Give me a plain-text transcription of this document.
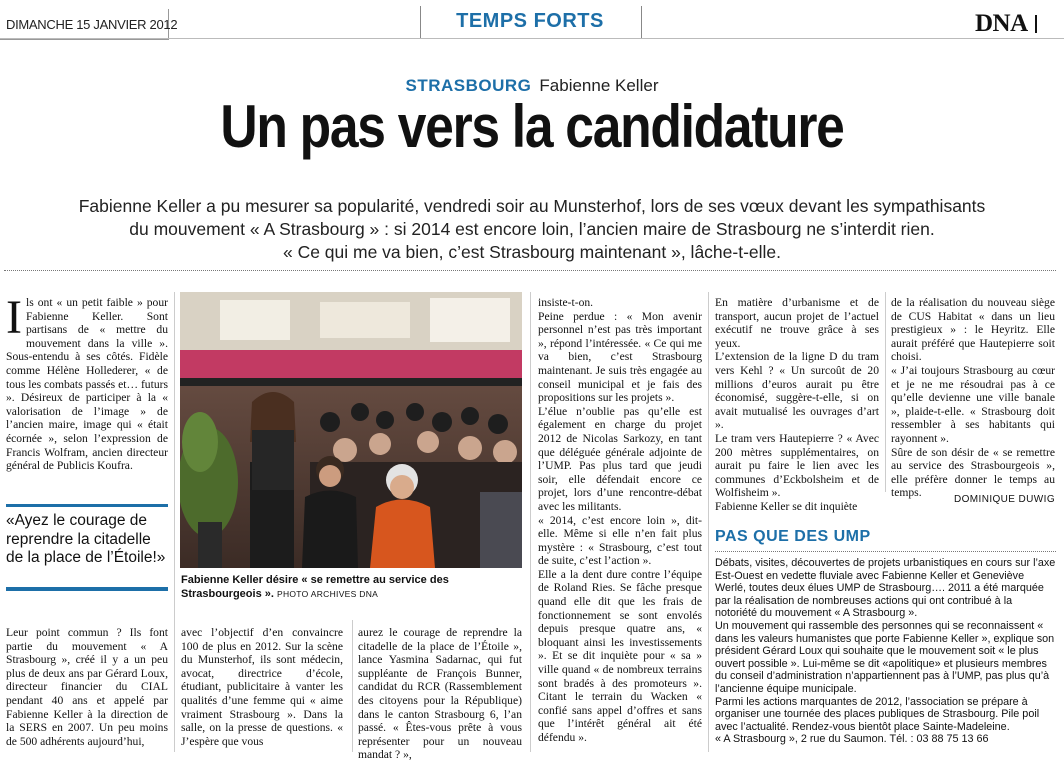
DIMANCHE 15 JANVIER 2012	TEMPS FORTS	DNA
STRASBOURG Fabienne Keller
Un pas vers la candidature
Fabienne Keller a pu mesurer sa popularité, vendredi soir au Munsterhof, lors de ses vœux devant les sympathisants
du mouvement « A Strasbourg » : si 2014 est encore loin, l’ancien maire de Strasbourg ne s’interdit rien.
« Ce qui me va bien, c’est Strasbourg maintenant », lâche-t-elle.
Ils ont « un petit faible » pour Fabienne Keller. Sont partisans de « mettre du mouvement dans la ville ». Sous-entendu à ses côtés. Fidèle comme Hélène Hollederer, « de tous les combats passés et… futurs ». Désireux de participer à la « valorisation de l’image » de l’ancien maire, image qui « était écornée », selon l’expression de Francis Wolfram, ancien directeur général de Publicis Koufra.
«Ayez le courage de reprendre la citadelle de la place de l’Étoile!»
Leur point commun ? Ils font partie du mouvement « A Strasbourg », créé il y a un peu plus de deux ans par Gérard Loux, directeur financier du CIAL pendant 40 ans et appelé par Fabienne Keller à la direction de la SERS en 2007. Un peu moins de 500 adhérents aujourd’hui,
Fabienne Keller désire « se remettre au service des Strasbourgeois ». PHOTO ARCHIVES DNA
avec l’objectif d’en convaincre 100 de plus en 2012. Sur la scène du Munsterhof, ils sont médecin, avocat, directrice d’école, étudiant, publicitaire à vanter les qualités d’une femme qui « aime vraiment Strasbourg ». Dans la salle, on la presse de questions. « J’espère que vous
aurez le courage de reprendre la citadelle de la place de l’Étoile », lance Yasmina Sadarnac, qui fut suppléante de François Bunner, candidat du RCR (Rassemblement des citoyens pour la République) dans le canton Strasbourg 6, l’an passé. « Êtes-vous prête à vous représenter pour un nouveau mandat ? »,

insiste-t-on.

Peine perdue : « Mon avenir personnel n’est pas très important », répond l’intéressée. « Ce qui me va bien, c’est Strasbourg maintenant. Je suis très engagée au conseil municipal et je fais des propositions sur les projets ».

L’élue n’oublie pas qu’elle est également en charge du projet 2012 de Nicolas Sarkozy, en tant que déléguée générale adjointe de l’UMP. Pas plus tard que jeudi soir, elle défendait encore ce projet, lors d’une rencontre-débat avec les militants.

« 2014, c’est encore loin », dit-elle. Même si elle n’en fait plus mystère : « Strasbourg, c’est tout de suite, c’est l’action ».

Elle a la dent dure contre l’équipe de Roland Ries. Se fâche presque quand elle dit que les frais de fonctionnement se sont envolés depuis presque quatre ans, « bloquant ainsi les investissements ». Et se dit inquiète pour « sa » ville quand « de nombreux terrains sont bradés à des promoteurs ». Citant le terrain du Wacken « confié sans appel d’offres et sans que l’intérêt général ait été défendu ».

En matière d’urbanisme et de transport, aucun projet de l’actuel exécutif ne trouve grâce à ses yeux.

L’extension de la ligne D du tram vers Kehl ? « Un surcoût de 20 millions d’euros aurait pu être économisé, suggère-t-elle, si on avait mutualisé les ouvrages d’art ».

Le tram vers Hautepierre ? « Avec 200 mètres supplémentaires, on aurait pu faire le lien avec les communes d’Eckbolsheim et de Wolfisheim ».

Fabienne Keller se dit inquiète

de la réalisation du nouveau siège de CUS Habitat « dans un lieu prestigieux » : le Heyritz. Elle aurait préféré que Hautepierre soit choisi.

« J’ai toujours Strasbourg au cœur et je ne me résoudrai pas à ce qu’elle devienne une ville banale », plaide-t-elle. « Strasbourg doit ressembler à ses habitants qui rayonnent ».

Sûre de son désir de « se remettre au service des Strasbourgeois », elle préfère donner le temps au temps.

DOMINIQUE DUWIG
PAS QUE DES UMP

Débats, visites, découvertes de projets urbanistiques en cours sur l’axe Est-Ouest en vedette fluviale avec Fabienne Keller et Geneviève Werlé, toutes deux élues UMP de Strasbourg…. 2011 a été marquée par la réalisation de nombreuses actions qui ont contribué à la notoriété du mouvement « A Strasbourg ».

Un mouvement qui rassemble des personnes qui se reconnaissent « dans les valeurs humanistes que porte Fabienne Keller », explique son président Gérard Loux qui souhaite que le mouvement soit « le plus ouvert possible ». Lui-même se dit «apolitique» et plusieurs membres du conseil d’administration n’appartiennent pas à l’UMP, pas plus qu’à l’ancienne équipe municipale.

Parmi les actions marquantes de 2012, l’association se prépare à organiser une tournée des places publiques de Strasbourg. Pile poil avec l’actualité. Rendez-vous bientôt place Sainte-Madeleine.

« A Strasbourg », 2 rue du Saumon. Tél. : 03 88 75 13 66
